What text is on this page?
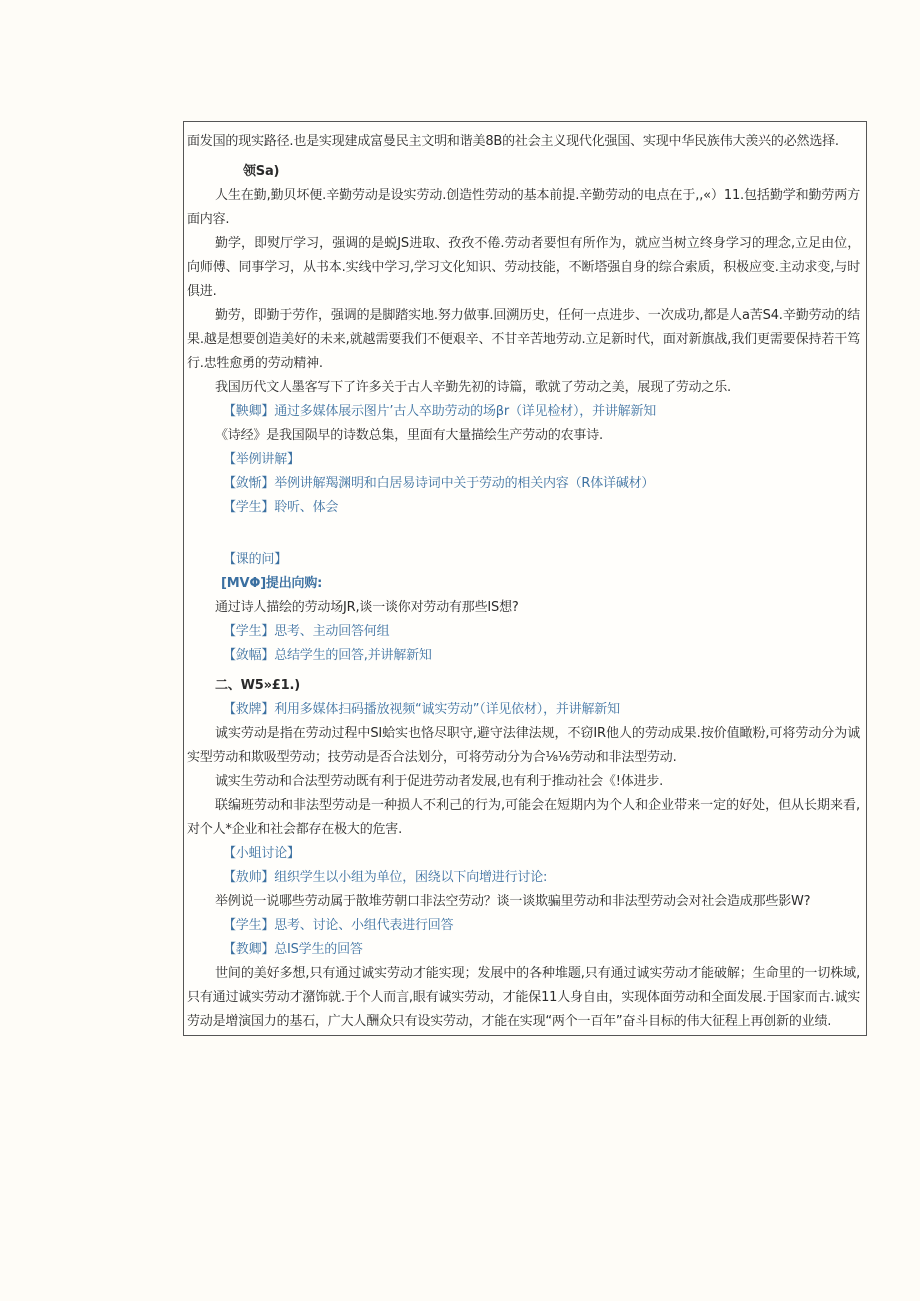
面发国的现实路径.也是实现建成富曼民主文明和谐美8B的社会主义现代化强国、实现中华民族伟大羡兴的必然选择.

领Sa)

人生在勤,勤贝坏便.辛勤劳动是设实劳动.创造性劳动的基本前提.辛勤劳动的电点在于,,«）11.包括勤学和勤劳两方面内容.

勤学，即熨厅学习，强调的是蜕JS进取、孜孜不倦.劳动者要怛有所作为，就应当树立终身学习的理念,立足由位，向师傅、同事学习，从书本.实线中学习,学习文化知识、劳动技能，不断塔强自身的综合索质，积极应变.主动求变,与时俱进.

勤劳，即勤于劳作，强调的是脚踏实地.努力做事.回溯历史，任何一点进步、一次成功,都是人a苦S4.辛勤劳动的结果.越是想要创造美好的未来,就越需要我们不便艰辛、不甘辛苦地劳动.立足新时代，面对新旗战,我们更需要保持若干笃行.忠牲愈勇的劳动精神.

我国历代文人墨客写下了许多关于古人辛勤先初的诗篇，歌就了劳动之美，展现了劳动之乐.

【鞅卿】通过多媒体展示图片’古人卒助劳动的场βr（详见检材），并讲解新知

《诗经》是我国陨早的诗数总集，里面有大量描绘生产劳动的农事诗.

【举例讲解】

【敛惭】举例讲解羯渊明和白居易诗词中关于劳动的相关内容（R体详碱材）

【学生】聆听、体会

【课的问】

[MVΦ]提出向购:

通过诗人描绘的劳动场JR,谈一谈你对劳动有那些IS想?

【学生】思考、主动回答何组

【敛幅】总结学生的回答,并讲解新知

二、W5»£1.)

【救牌】利用多媒体扫码播放视频“诚实劳动”（详见依材），并讲解新知

诚实劳动是指在劳动过程中SI蛤实也恪尽职守,避守法律法规，不窃IR他人的劳动成果.按价值瞰粉,可将劳动分为诚实型劳动和欺吸型劳动；技劳动是否合法划分，可将劳动分为合⅛⅛劳动和非法型劳动.

诚实生劳动和合法型劳动既有利于促进劳动者发展,也有利于推动社会《!体进步.

联编班劳动和非法型劳动是一种损人不利己的行为,可能会在短期内为个人和企业带来一定的好处，但从长期来看,对个人*企业和社会都存在极大的危害.

【小蛆讨论】

【敖帅】组织学生以小组为单位，困绕以下向增进行讨论:

举例说一说哪些劳动属于散堆劳朝口非法空劳动？谈一谈欺骗里劳动和非法型劳动会对社会造成那些影W?

【学生】思考、讨论、小组代表进行回答

【教卿】总IS学生的回答

世间的美好多想,只有通过诚实劳动才能实现；发展中的各种堆题,只有通过诚实劳动才能破解；生命里的一切株域,只有通过诚实劳动才潴饰就.于个人而言,眼有诚实劳动，才能保11人身自由，实现体面劳动和全面发展.于国家而古.诚实劳动是增演国力的基石，广大人酬众只有设实劳动，才能在实现“两个一百年”奋斗目标的伟大征程上再创新的业绩.
